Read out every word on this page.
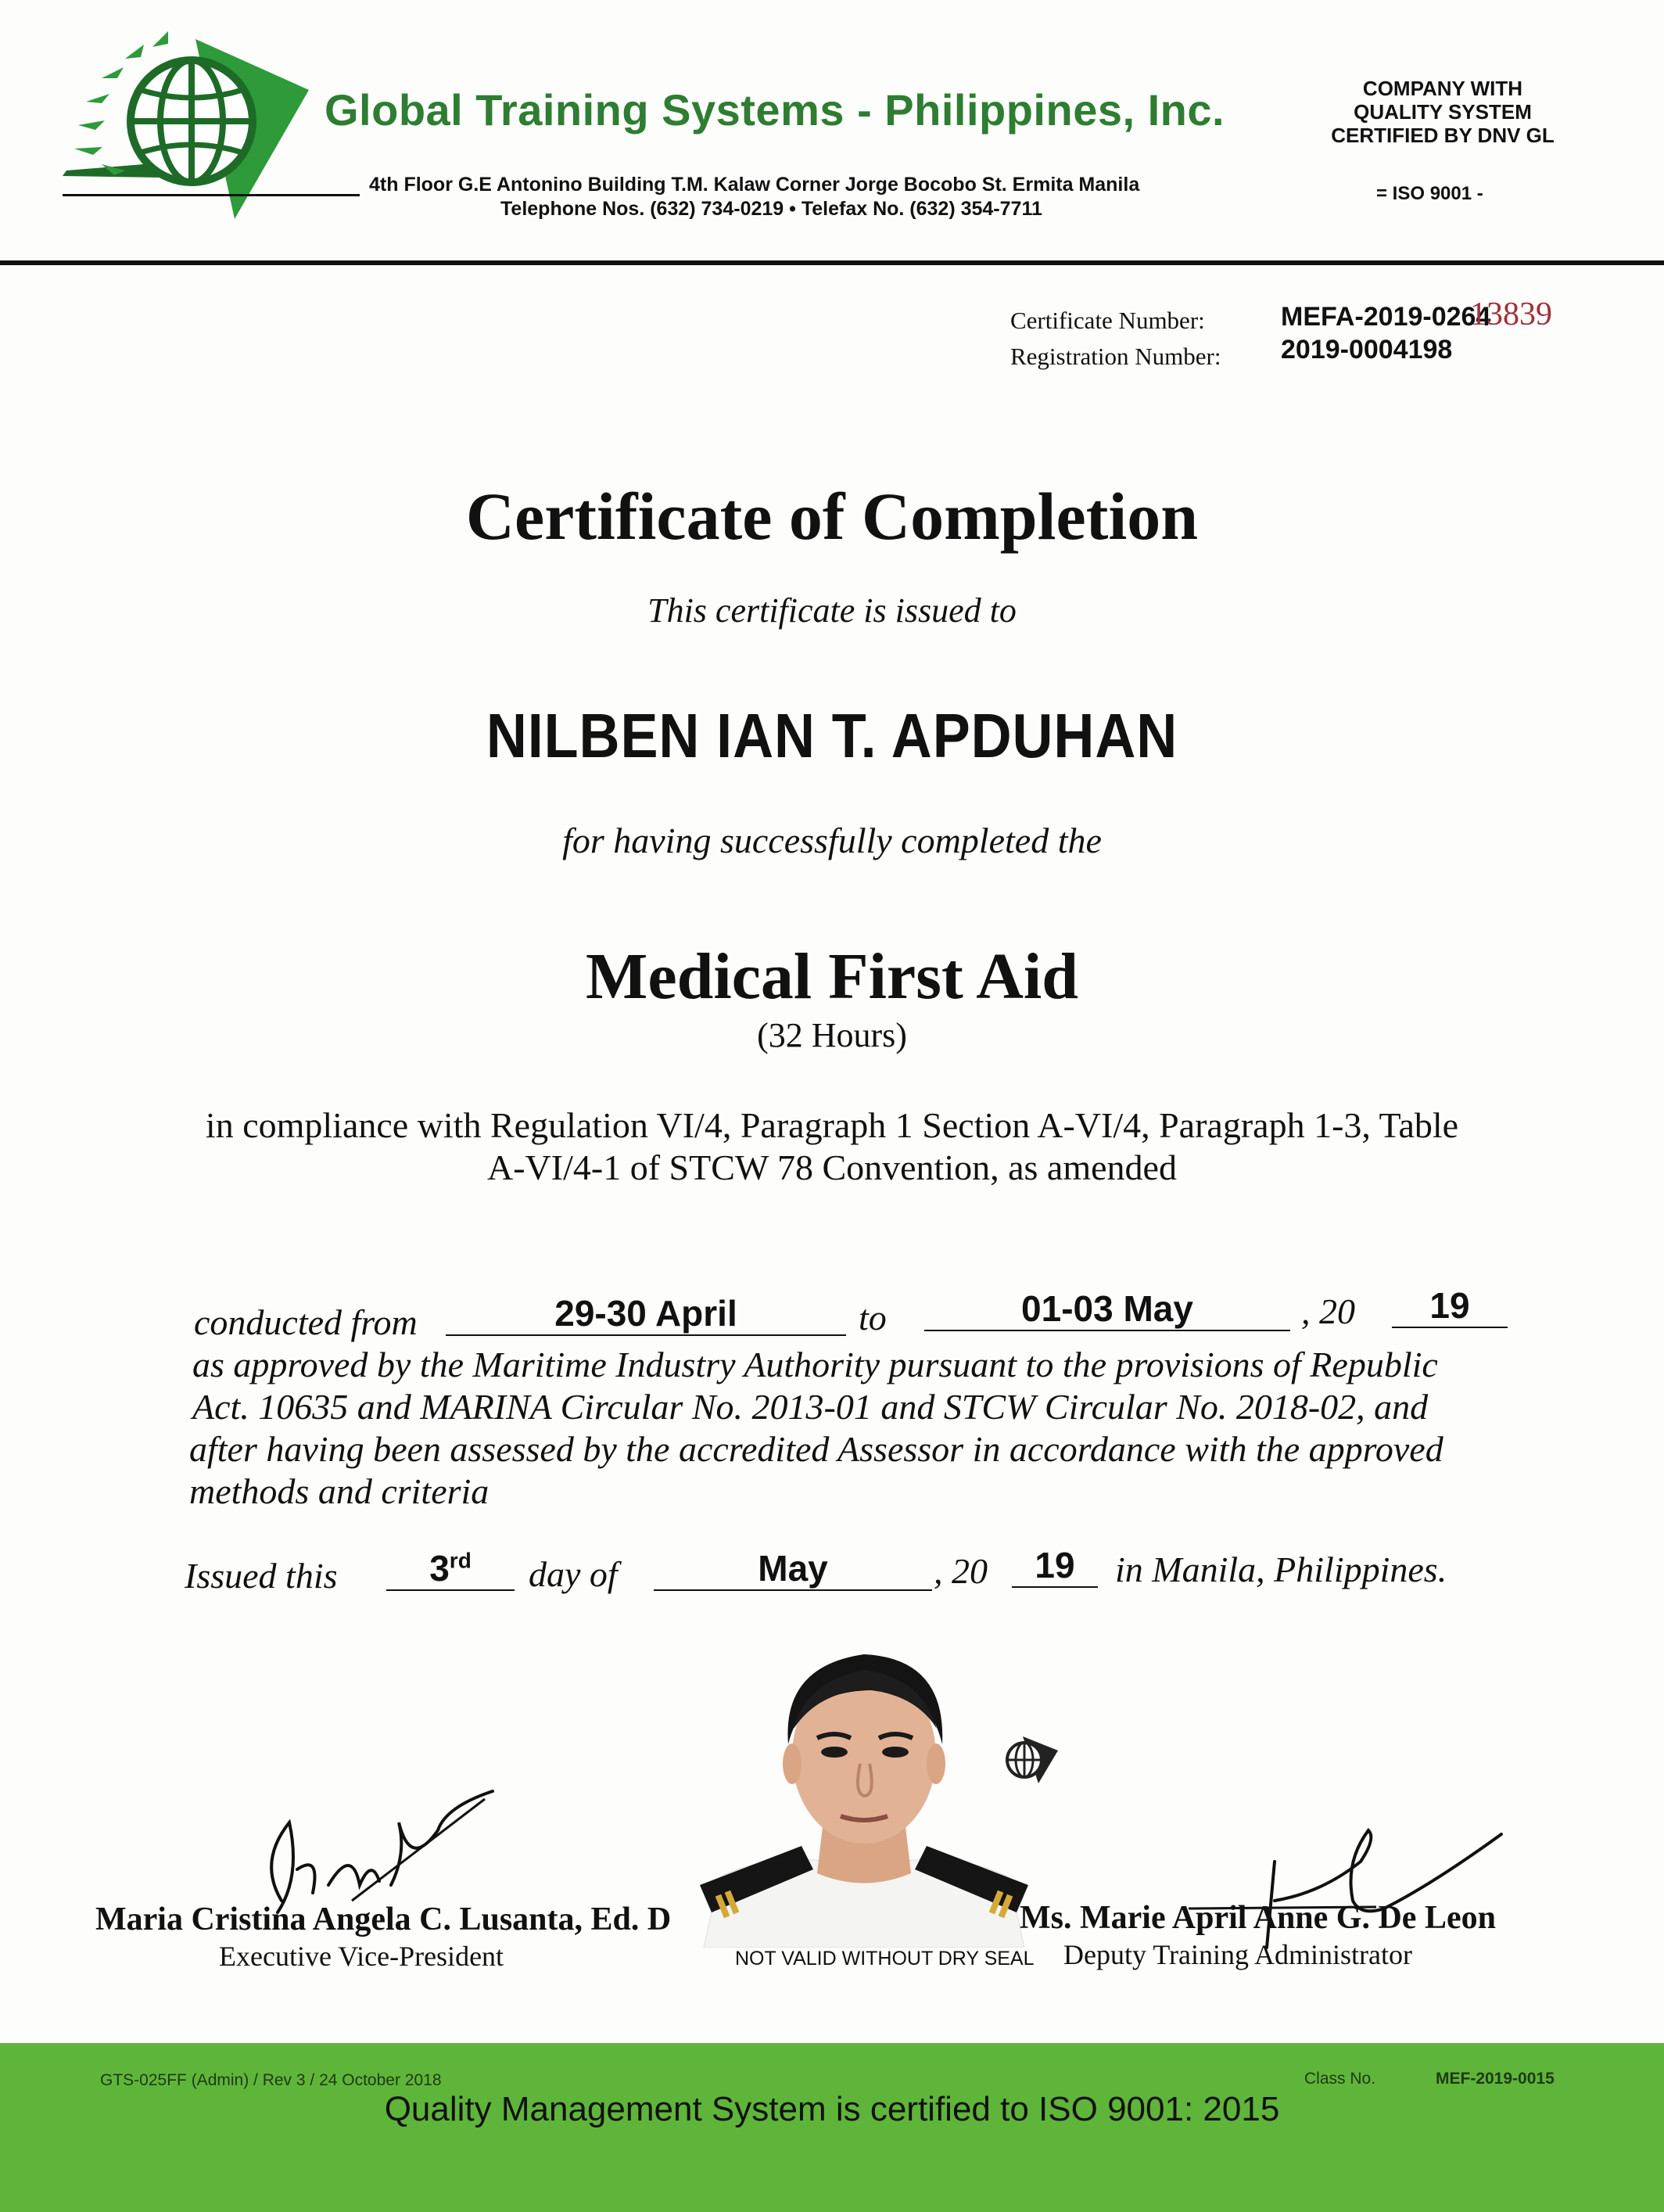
Global Training Systems - Philippines, Inc.
4th Floor G.E Antonino Building T.M. Kalaw Corner Jorge Bocobo St. Ermita Manila
Telephone Nos. (632) 734-0219 • Telefax No. (632) 354-7711
COMPANY WITH
QUALITY SYSTEM
CERTIFIED BY DNV GL
= ISO 9001 -
Certificate Number:	MEFA-2019-0264
13839
Registration Number: 2019-0004198
Certificate of Completion
This certificate is issued to
NILBEN IAN T. APDUHAN
for having successfully completed the
Medical First Aid
(32 Hours)
in compliance with Regulation VI/4, Paragraph 1 Section A-VI/4, Paragraph 1-3, Table
A-VI/4-1 of STCW 78 Convention, as amended
conducted from	29-30 April	to	01-03 May	, 20	19
as approved by the Maritime Industry Authority pursuant to the provisions of Republic
Act. 10635 and MARINA Circular No. 2013-01 and STCW Circular No. 2018-02, and
after having been assessed by the accredited Assessor in accordance with the approved
methods and criteria
Issued this	3rd	day of	May	, 20	19	in Manila, Philippines.
Maria Cristina Angela C. Lusanta, Ed. D
Executive Vice-President	NOT VALID WITHOUT DRY SEAL
Ms. Marie April Anne G. De Leon
Deputy Training Administrator
GTS-025FF (Admin) / Rev 3 / 24 October 2018	Class No.	MEF-2019-0015
Quality Management System is certified to ISO 9001: 2015
